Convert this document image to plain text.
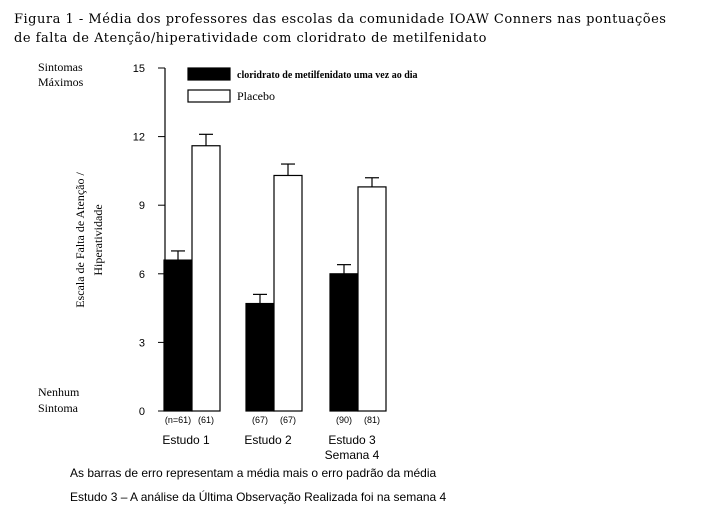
Figura 1 - Média dos professores das escolas da comunidade IOAW Conners nas pontuações
de falta de Atenção/hiperatividade com cloridrato de metilfenidato
0
3
6
9
12
15
Sintomas
Máximos
Nenhum
Sintoma
Escala de Falta de Atenção / Hiperatividade
(n=61)	(67)	(90)
(61)	(67)	(81)
Estudo 1	Estudo 2	Estudo 3
Semana 4
cloridrato de metilfenidato uma vez ao dia
Placebo
As barras de erro representam a média mais o erro padrão da média
Estudo 3 – A análise da Última Observação Realizada foi na semana 4
